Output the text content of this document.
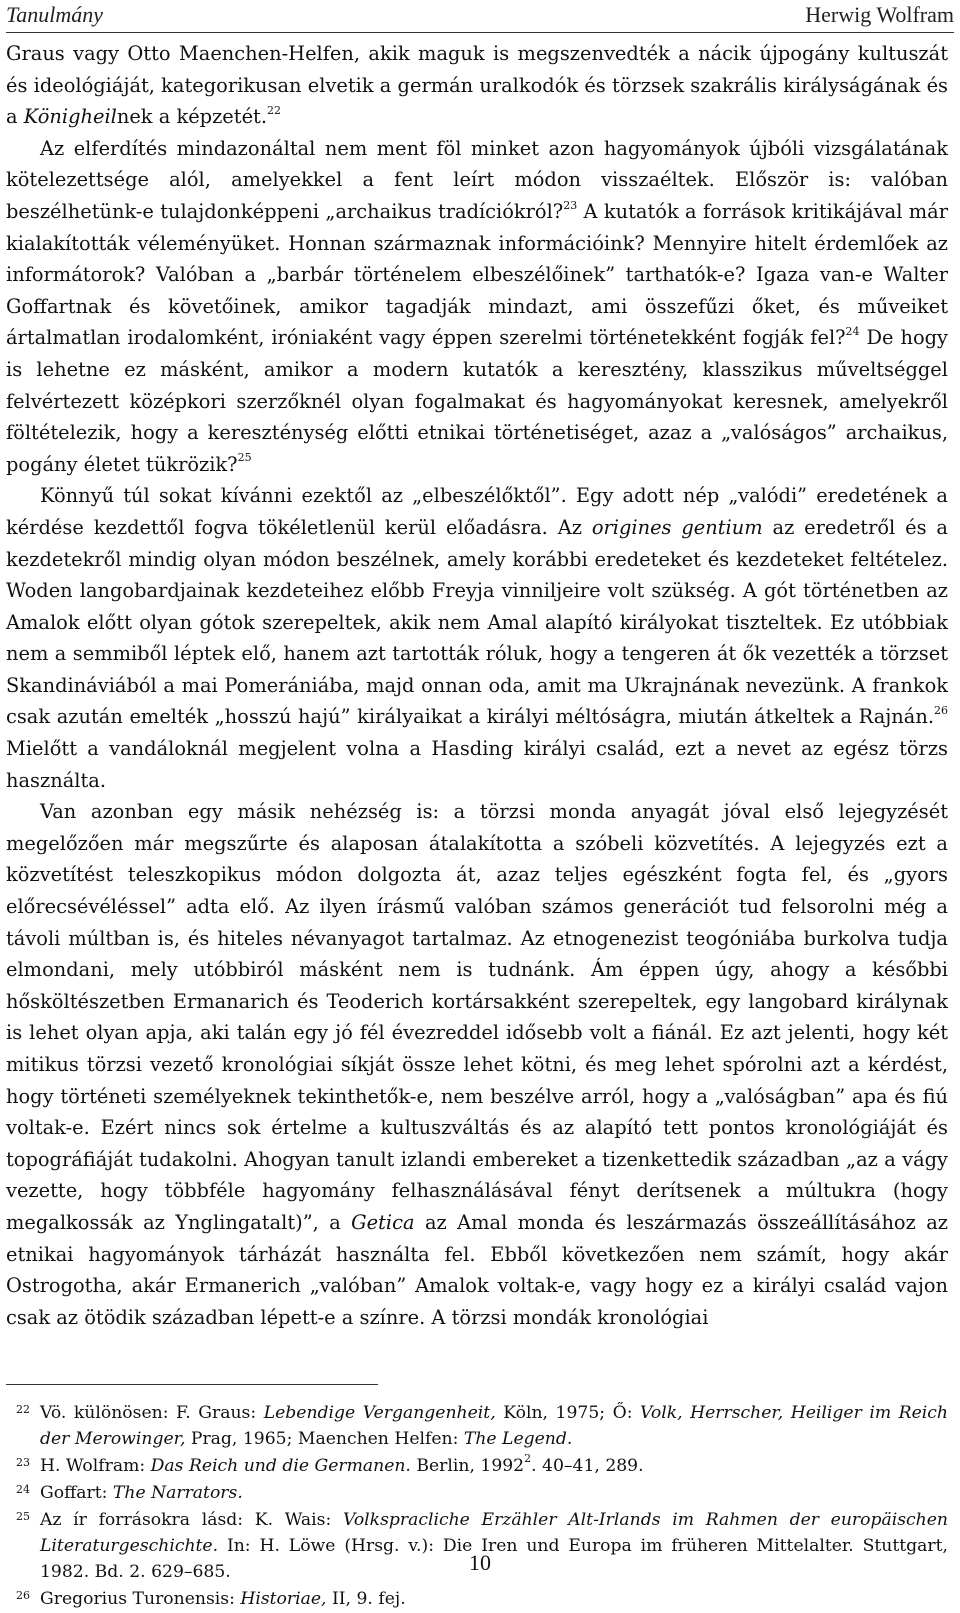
Tanulmány	Herwig Wolfram

Graus vagy Otto Maenchen-Helfen, akik maguk is megszenvedték a nácik újpogány kultuszát és ideológiáját, kategorikusan elvetik a germán uralkodók és törzsek szakrális királyságának és a Königheilnek a képzetét.$^{22}$

Az elferdítés mindazonáltal nem ment föl minket azon hagyományok újbóli vizsgálatának kötelezettsége alól, amelyekkel a fent leírt módon visszaéltek. Először is: valóban beszélhetünk-e tulajdonképpeni „archaikus tradíciókról?$^{23}$ A kutatók a források kritikájával már kialakították véleményüket. Honnan származnak információink? Mennyire hitelt érdemlőek az informátorok? Valóban a „barbár történelem elbeszélőinek” tarthatók-e? Igaza van-e Walter Goffartnak és követőinek, amikor tagadják mindazt, ami összefűzi őket, és műveiket ártalmatlan irodalomként, iróniaként vagy éppen szerelmi történetekként fogják fel?$^{24}$ De hogy is lehetne ez másként, amikor a modern kutatók a keresztény, klasszikus műveltséggel felvértezett középkori szerzőknél olyan fogalmakat és hagyományokat keresnek, amelyekről föltételezik, hogy a kereszténység előtti etnikai történetiséget, azaz a „valóságos” archaikus, pogány életet tükrözik?$^{25}$

Könnyű túl sokat kívánni ezektől az „elbeszélőktől”. Egy adott nép „valódi” eredetének a kérdése kezdettől fogva tökéletlenül kerül előadásra. Az origines gentium az eredetről és a kezdetekről mindig olyan módon beszélnek, amely korábbi eredeteket és kezdeteket feltételez. Woden langobardjainak kezdeteihez előbb Freyja vinniljeire volt szükség. A gót történetben az Amalok előtt olyan gótok szerepeltek, akik nem Amal alapító királyokat tiszteltek. Ez utóbbiak nem a semmiből léptek elő, hanem azt tartották róluk, hogy a tengeren át ők vezették a törzset Skandináviából a mai Pomerániába, majd onnan oda, amit ma Ukrajnának nevezünk. A frankok csak azután emelték „hosszú hajú” királyaikat a királyi méltóságra, miután átkeltek a Rajnán.$^{26}$ Mielőtt a vandáloknál megjelent volna a Hasding királyi család, ezt a nevet az egész törzs használta.

Van azonban egy másik nehézség is: a törzsi monda anyagát jóval első lejegyzését megelőzően már megszűrte és alaposan átalakította a szóbeli közvetítés. A lejegyzés ezt a közvetítést teleszkopikus módon dolgozta át, azaz teljes egészként fogta fel, és „gyors előrecsévéléssel” adta elő. Az ilyen írásmű valóban számos generációt tud felsorolni még a távoli múltban is, és hiteles névanyagot tartalmaz. Az etnogenezist teogóniába burkolva tudja elmondani, mely utóbbiról másként nem is tudnánk. Ám éppen úgy, ahogy a későbbi hősköltészetben Ermanarich és Teoderich kortársakként szerepeltek, egy langobard királynak is lehet olyan apja, aki talán egy jó fél évezreddel idősebb volt a fiánál. Ez azt jelenti, hogy két mitikus törzsi vezető kronológiai síkját össze lehet kötni, és meg lehet spórolni azt a kérdést, hogy történeti személyeknek tekinthetők-e, nem beszélve arról, hogy a „valóságban” apa és fiú voltak-e. Ezért nincs sok értelme a kultuszváltás és az alapító tett pontos kronológiáját és topográfiáját tudakolni. Ahogyan tanult izlandi embereket a tizenkettedik században „az a vágy vezette, hogy többféle hagyomány felhasználásával fényt derítsenek a múltukra (hogy megalkossák az Ynglingatalt)”, a Getica az Amal monda és leszármazás összeállításához az etnikai hagyományok tárházát használta fel. Ebből következően nem számít, hogy akár Ostrogotha, akár Ermanerich „valóban” Amalok voltak-e, vagy hogy ez a királyi család vajon csak az ötödik században lépett-e a színre. A törzsi mondák kronológiai

22 Vö. különösen: F. Graus: Lebendige Vergangenheit, Köln, 1975; Ő: Volk, Herrscher, Heiliger im Reich der Merowinger, Prag, 1965; Maenchen Helfen: The Legend.
23 H. Wolfram: Das Reich und die Germanen. Berlin, 1992$^2$. 40–41, 289.
24 Goffart: The Narrators.
25 Az ír forrásokra lásd: K. Wais: Volkspracliche Erzähler Alt-Irlands im Rahmen der europäischen Literaturgeschichte. In: H. Löwe (Hrsg. v.): Die Iren und Europa im früheren Mittelalter. Stuttgart, 1982. Bd. 2. 629–685.
26 Gregorius Turonensis: Historiae, II, 9. fej.
10
